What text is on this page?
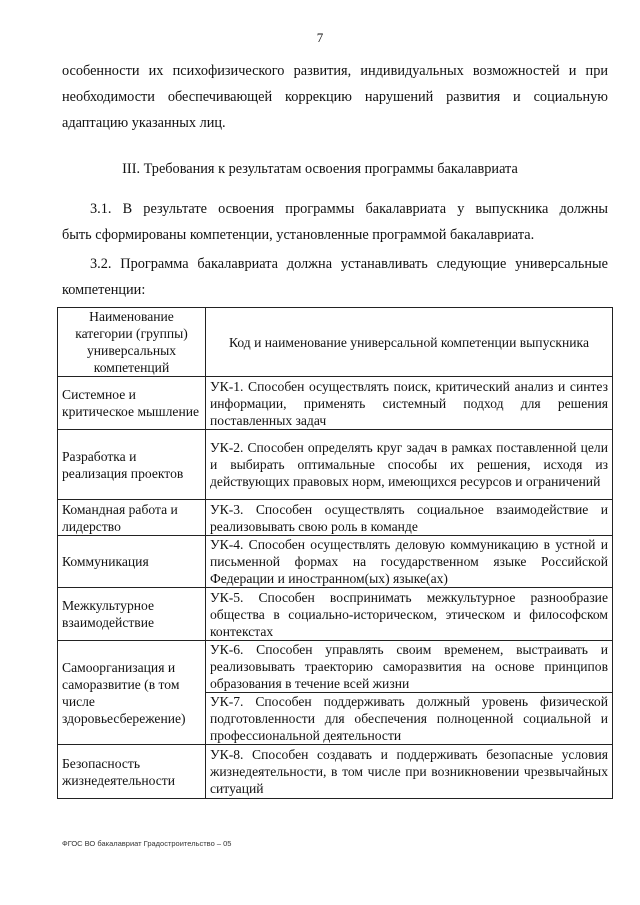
7
особенности их психофизического развития, индивидуальных возможностей и при
необходимости обеспечивающей коррекцию нарушений развития и социальную
адаптацию указанных лиц.
III. Требования к результатам освоения программы бакалавриата
3.1. В результате освоения программы бакалавриата у выпускника должны
быть сформированы компетенции, установленные программой бакалавриата.
3.2. Программа бакалавриата должна устанавливать следующие универсальные
компетенции:
Наименование категории (группы) универсальных компетенций	Код и наименование универсальной компетенции выпускника
Системное и критическое мышление	УК-1. Способен осуществлять поиск, критический анализ и синтез информации, применять системный подход для решения поставленных задач
Разработка и реализация проектов	УК-2. Способен определять круг задач в рамках поставленной цели и выбирать оптимальные способы их решения, исходя из действующих правовых норм, имеющихся ресурсов и ограничений
Командная работа и лидерство	УК-3. Способен осуществлять социальное взаимодействие и реализовывать свою роль в команде
Коммуникация	УК-4. Способен осуществлять деловую коммуникацию в устной и письменной формах на государственном языке Российской Федерации и иностранном(ых) языке(ах)
Межкультурное взаимодействие	УК-5. Способен воспринимать межкультурное разнообразие общества в социально-историческом, этическом и философском контекстах
Самоорганизация и саморазвитие (в том числе здоровьесбережение)	УК-6. Способен управлять своим временем, выстраивать и реализовывать траекторию саморазвития на основе принципов образования в течение всей жизни
	УК-7. Способен поддерживать должный уровень физической подготовленности для обеспечения полноценной социальной и профессиональной деятельности
Безопасность жизнедеятельности	УК-8. Способен создавать и поддерживать безопасные условия жизнедеятельности, в том числе при возникновении чрезвычайных ситуаций
ФГОС ВО бакалавриат Градостроительство – 05
